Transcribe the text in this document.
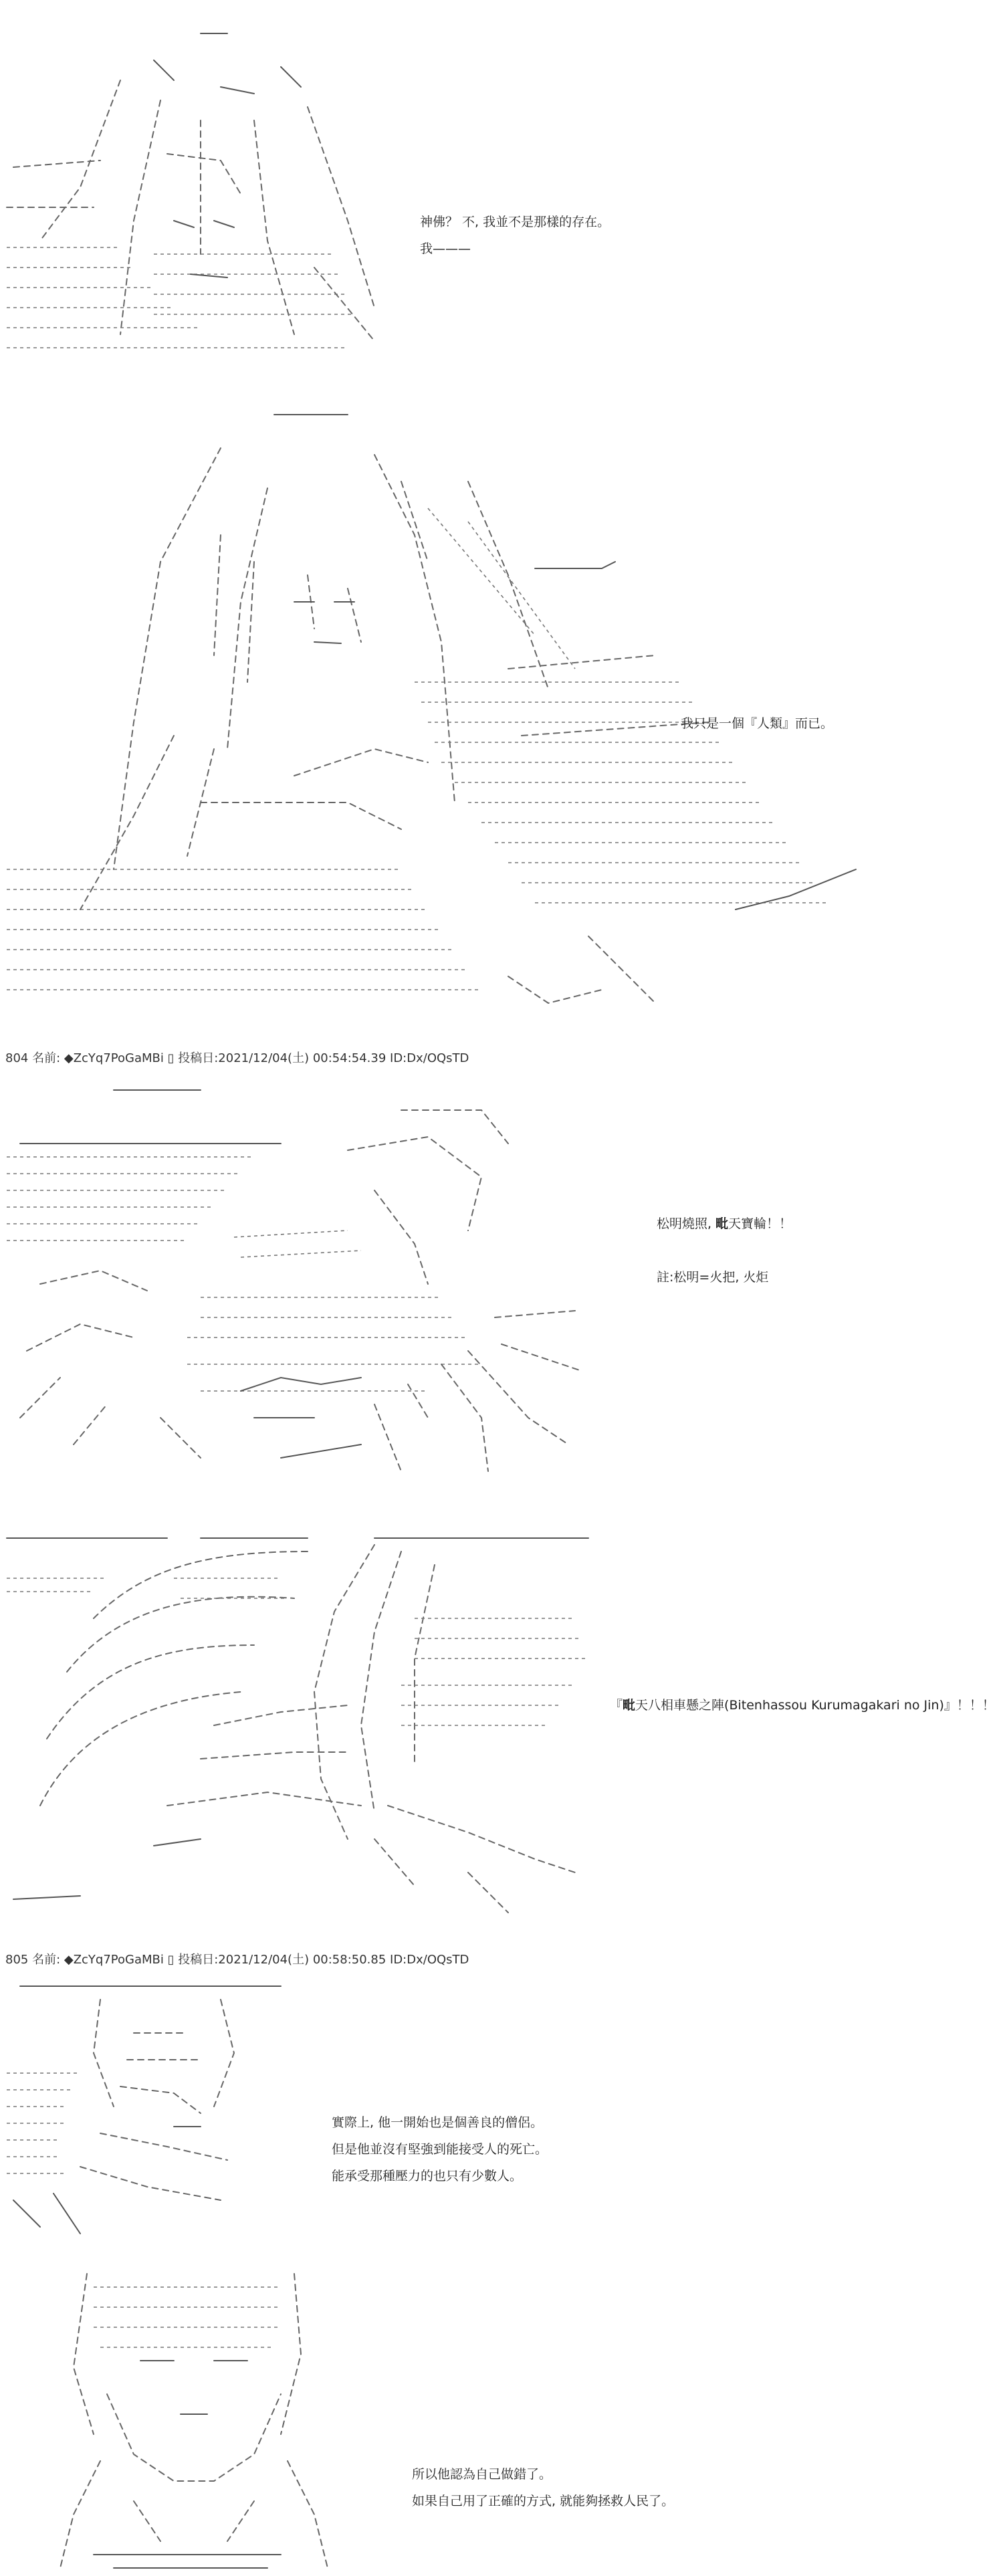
神佛？ 不, 我並不是那樣的存在。
我———
我只是一個『人類』而已。
804 名前: ◆ZcYq7PoGaMBi ▯ 投稿日:2021/12/04(土) 00:54:54.39 ID:Dx/OQsTD
松明燒照, 毗天寶輪！！
註:松明=火把, 火炬
『毗天八相車懸之陣(Bitenhassou Kurumagakari no Jin)』！！！
805 名前: ◆ZcYq7PoGaMBi ▯ 投稿日:2021/12/04(土) 00:58:50.85 ID:Dx/OQsTD
實際上, 他一開始也是個善良的僧侶。
但是他並沒有堅強到能接受人的死亡。
能承受那種壓力的也只有少數人。
所以他認為自己做錯了。
如果自己用了正確的方式, 就能夠拯救人民了。
